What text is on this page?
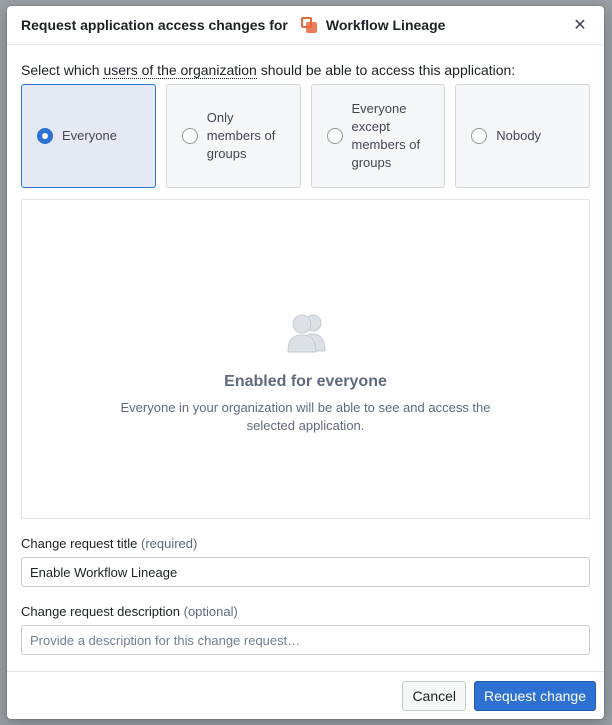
Request application access changes for	Workflow Lineage	✕

Select which users of the organization should be able to access this application:

Everyone
Only members of groups
Everyone except members of groups
Nobody
Enabled for everyone
Everyone in your organization will be able to see and access the selected application.
Change request title (required)
Enable Workflow Lineage
Change request description (optional)
Provide a description for this change request…
Cancel	Request change
